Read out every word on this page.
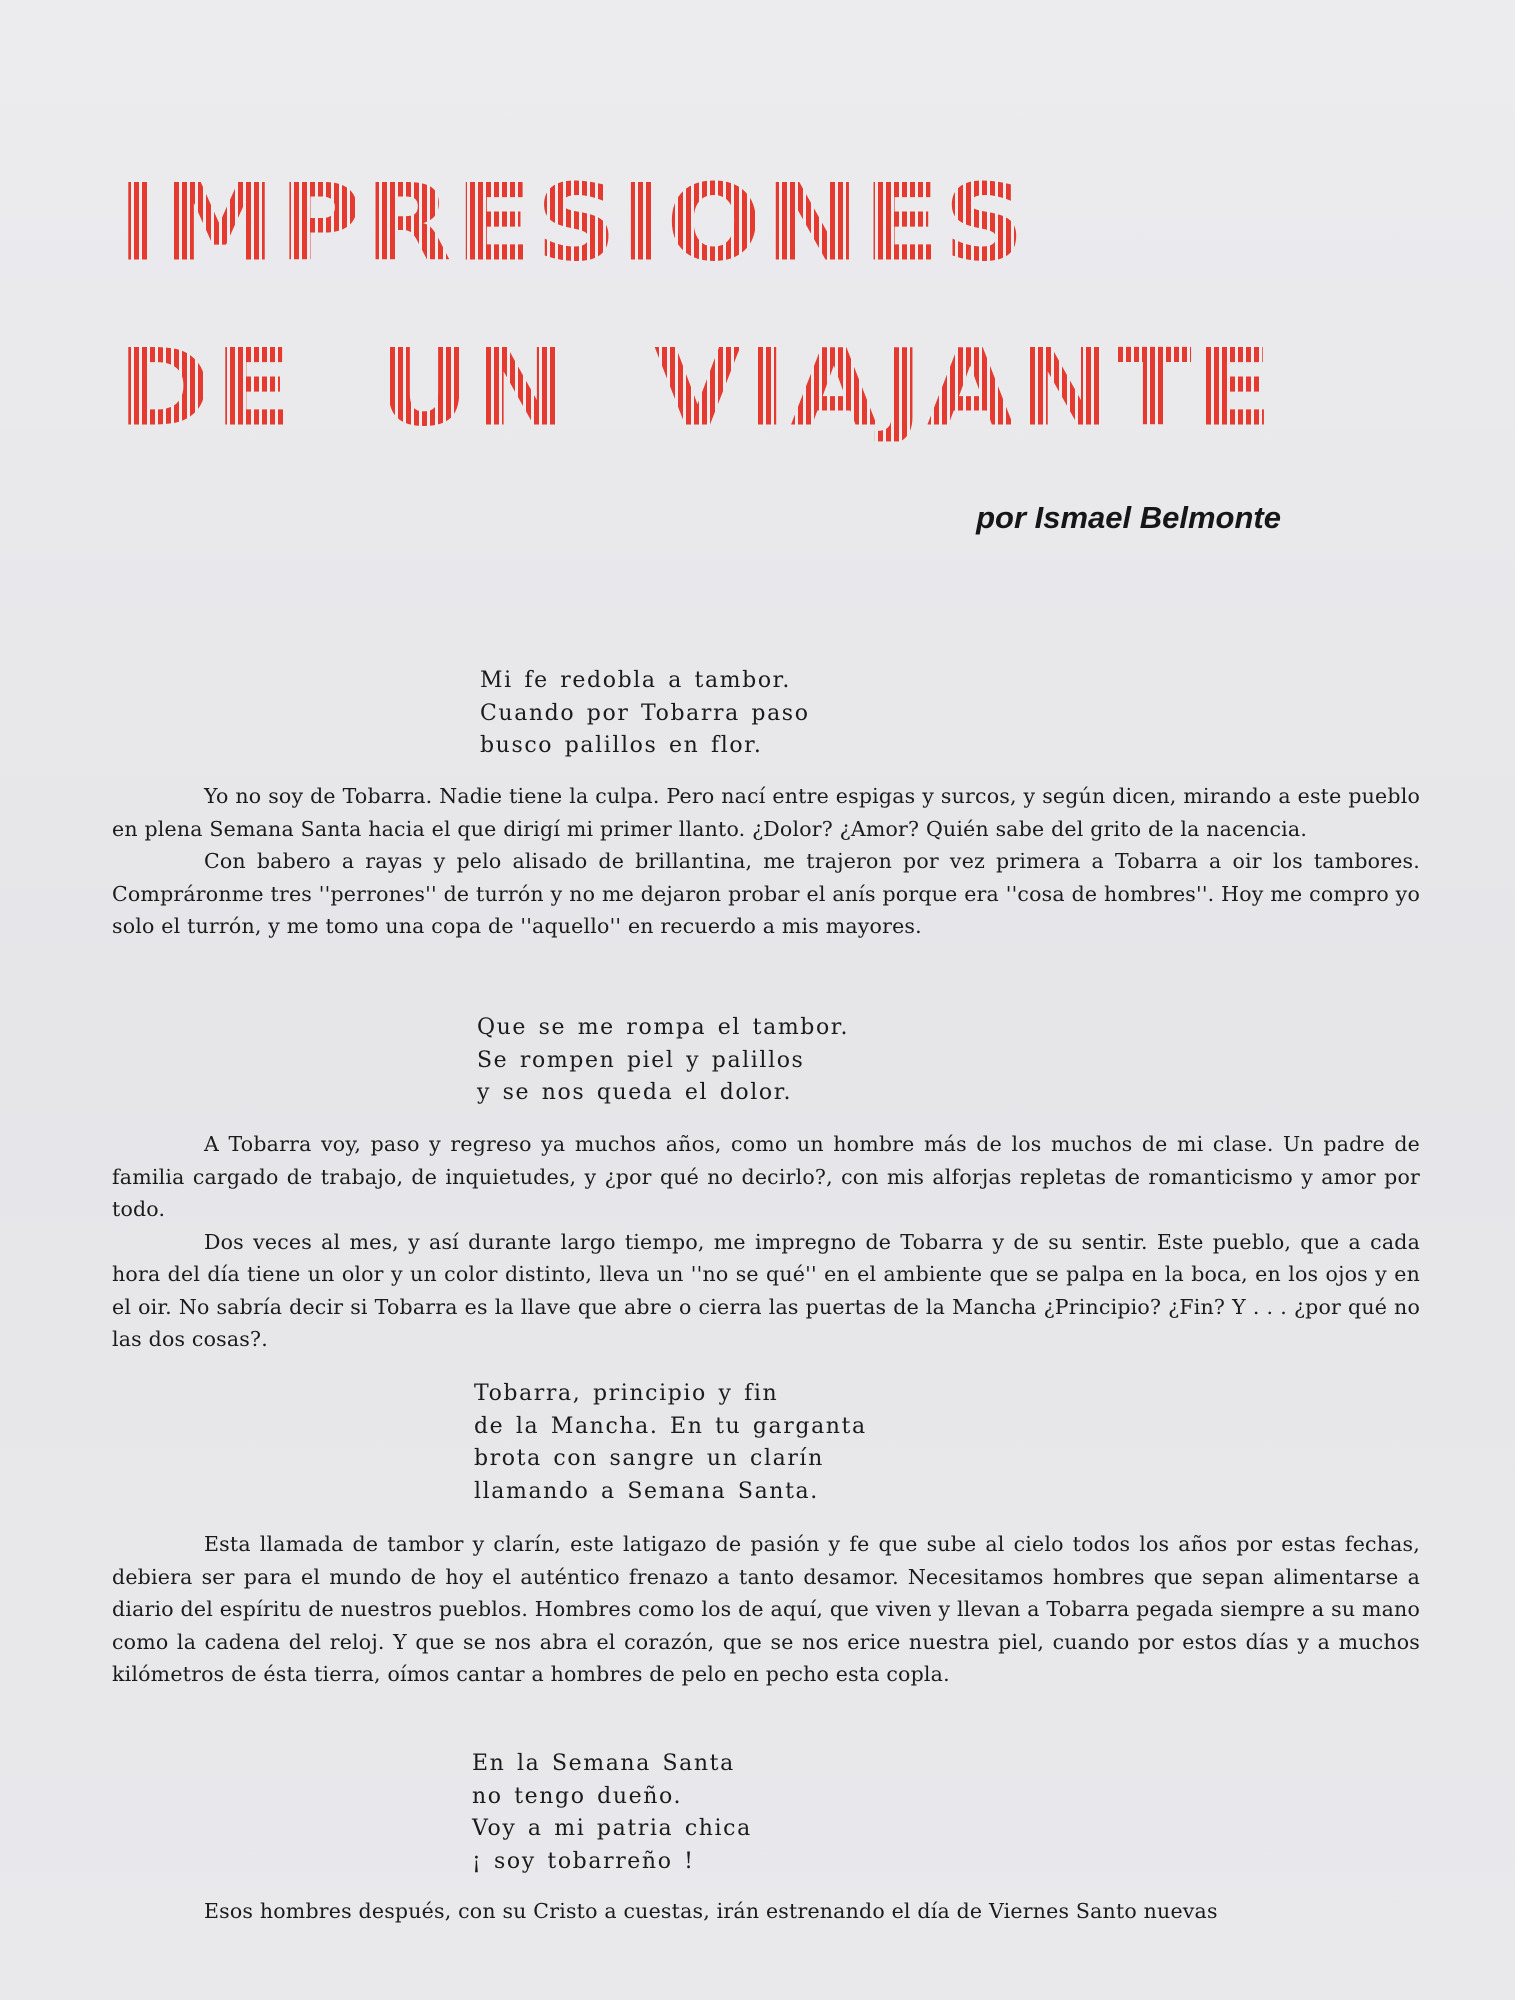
IMPRESIONES
DE UN VIAJANTE

por Ismael Belmonte

Mi fe redobla a tambor.
Cuando por Tobarra paso
busco palillos en flor.

Yo no soy de Tobarra. Nadie tiene la culpa. Pero nací entre espigas y surcos, y según dicen, mirando a este pueblo en plena Semana Santa hacia el que dirigí mi primer llanto. ¿Dolor? ¿Amor? Quién sabe del grito de la nacencia.

Con babero a rayas y pelo alisado de brillantina, me trajeron por vez primera a Tobarra a oir los tambores. Compráronme tres ''perrones'' de turrón y no me dejaron probar el anís porque era ''cosa de hombres''. Hoy me compro yo solo el turrón, y me tomo una copa de ''aquello'' en recuerdo a mis mayores.

Que se me rompa el tambor.
Se rompen piel y palillos
y se nos queda el dolor.

A Tobarra voy, paso y regreso ya muchos años, como un hombre más de los muchos de mi clase. Un padre de familia cargado de trabajo, de inquietudes, y ¿por qué no decirlo?, con mis alforjas repletas de romanticismo y amor por todo.

Dos veces al mes, y así durante largo tiempo, me impregno de Tobarra y de su sentir. Este pueblo, que a cada hora del día tiene un olor y un color distinto, lleva un ''no se qué'' en el ambiente que se palpa en la boca, en los ojos y en el oir. No sabría decir si Tobarra es la llave que abre o cierra las puertas de la Mancha ¿Principio? ¿Fin? Y . . . ¿por qué no las dos cosas?.

Tobarra, principio y fin
de la Mancha. En tu garganta
brota con sangre un clarín
llamando a Semana Santa.

Esta llamada de tambor y clarín, este latigazo de pasión y fe que sube al cielo todos los años por estas fechas, debiera ser para el mundo de hoy el auténtico frenazo a tanto desamor. Necesitamos hombres que sepan alimentarse a diario del espíritu de nuestros pueblos. Hombres como los de aquí, que viven y llevan a Tobarra pegada siempre a su mano como la cadena del reloj. Y que se nos abra el corazón, que se nos erice nuestra piel, cuando por estos días y a muchos kilómetros de ésta tierra, oímos cantar a hombres de pelo en pecho esta copla.

En la Semana Santa
no tengo dueño.
Voy a mi patria chica
¡ soy tobarreño !

Esos hombres después, con su Cristo a cuestas, irán estrenando el día de Viernes Santo nuevas
